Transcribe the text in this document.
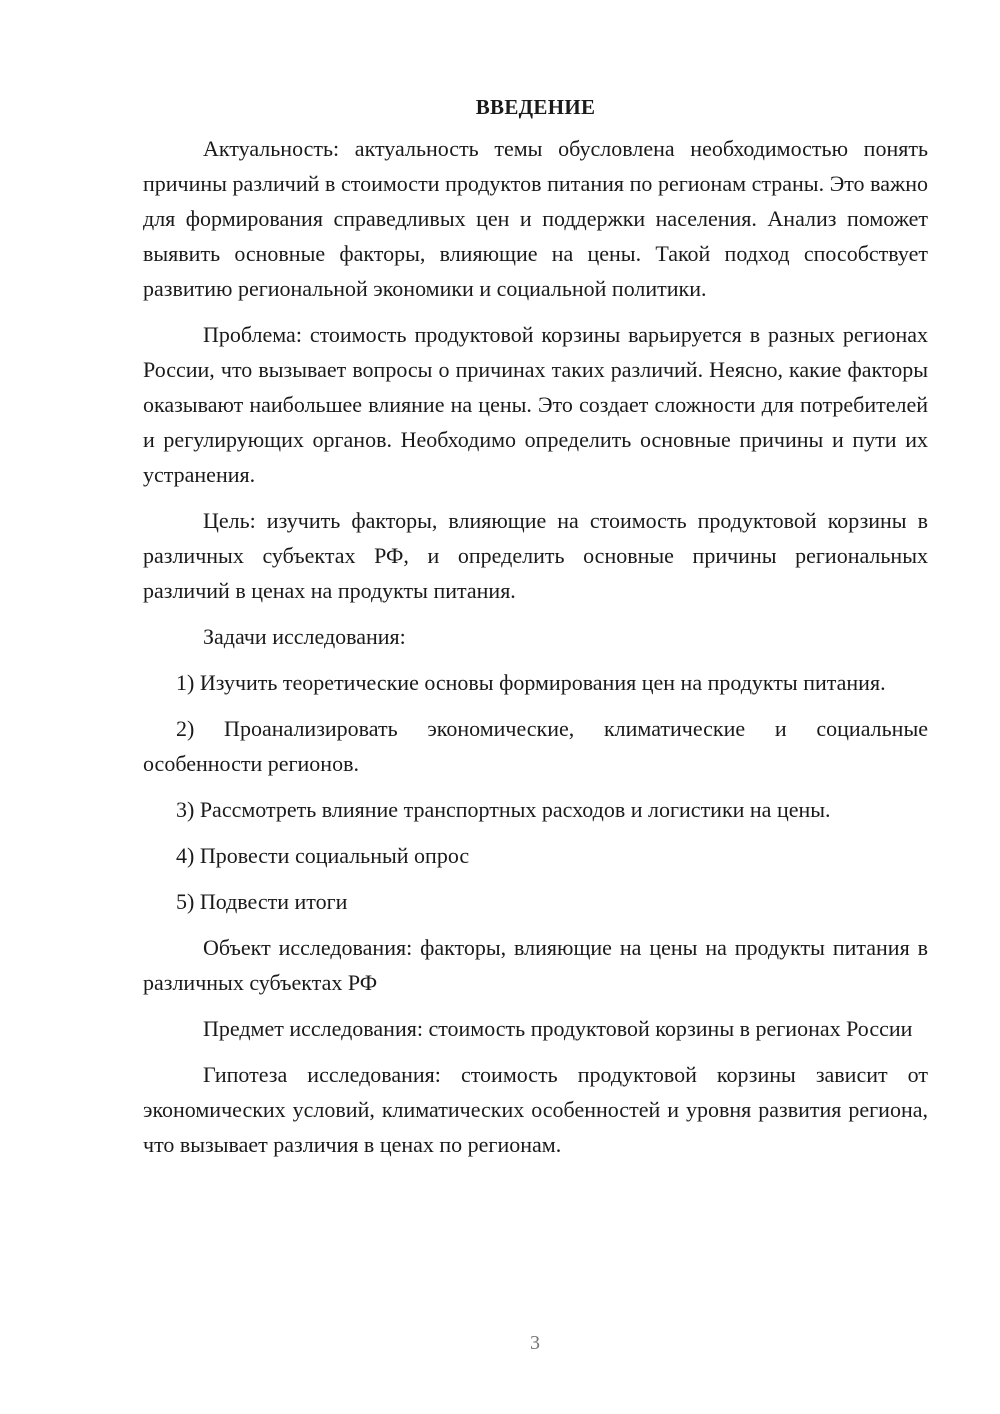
ВВЕДЕНИЕ

Актуальность: актуальность темы обусловлена необходимостью понять причины различий в стоимости продуктов питания по регионам страны. Это важно для формирования справедливых цен и поддержки населения. Анализ поможет выявить основные факторы, влияющие на цены. Такой подход способствует развитию региональной экономики и социальной политики.

Проблема: стоимость продуктовой корзины варьируется в разных регионах России, что вызывает вопросы о причинах таких различий. Неясно, какие факторы оказывают наибольшее влияние на цены. Это создает сложности для потребителей и регулирующих органов. Необходимо определить основные причины и пути их устранения.

Цель: изучить факторы, влияющие на стоимость продуктовой корзины в различных субъектах РФ, и определить основные причины региональных различий в ценах на продукты питания.

Задачи исследования:

1) Изучить теоретические основы формирования цен на продукты питания.

2) Проанализировать экономические, климатические и социальные особенности регионов.

3) Рассмотреть влияние транспортных расходов и логистики на цены.

4) Провести социальный опрос

5) Подвести итоги

Объект исследования: факторы, влияющие на цены на продукты питания в различных субъектах РФ

Предмет исследования: стоимость продуктовой корзины в регионах России

Гипотеза исследования: стоимость продуктовой корзины зависит от экономических условий, климатических особенностей и уровня развития региона, что вызывает различия в ценах по регионам.

3
